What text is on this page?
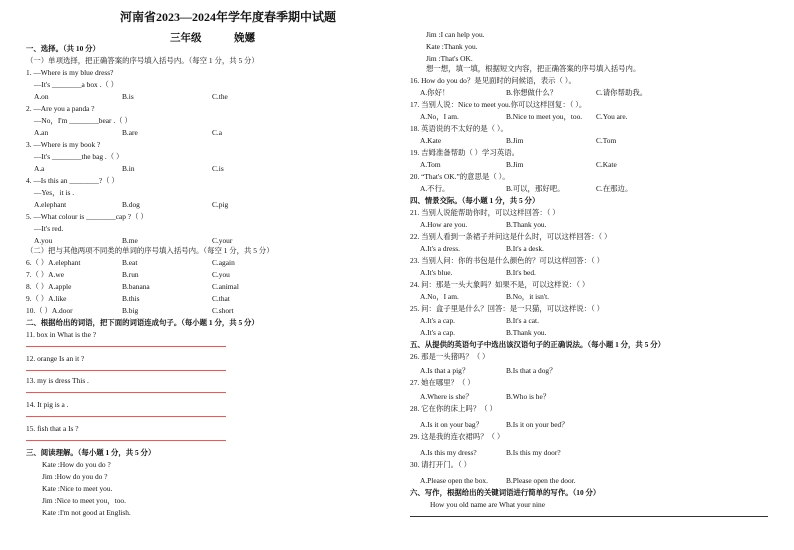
河南省2023—2024年学年度春季期中试题
三年级	娩嬺
一、选择。（共 10 分）
（一）单项选择，把正确答案的序号填入括号内。（每空 1 分，共 5 分）
1. —Where is my blue dress?
—It's ________a box .（ ）
A.on	B.is	C.the
2. —Are you a panda ?
—No，I'm ________bear .（ ）
A.an	B.are	C.a
3. —Where is my book ?
—It's ________the bag .（ ）
A.a	B.in	C.is
4. —Is this an ________?（ ）
—Yes，it is .
A.elephant	B.dog	C.pig
5. —What colour is ________cap ?（ ）
—It's red.
A.you	B.me	C.your
（二）把与其他两项不同类的单词的序号填入括号内。（每空 1 分，共 5 分）
6.（ ）A.elephant	B.eat	C.again
7.（ ）A.we	B.run	C.you
8.（ ）A.apple	B.banana	C.animal
9.（ ）A.like	B.this	C.that
10.（ ）A.door	B.big	C.short
二、根据给出的词语，把下面的词语连成句子。（每小题 1 分，共 5 分）
11. box in What is the ?
12. orange Is an it ?
13. my is dress This .
14. It pig is a .
15. fish that a Is ?
三、阅读理解。（每小题 1 分，共 5 分）
Kate :How do you do ?
Jim :How do you do ?
Kate :Nice to meet you.
Jim :Nice to meet you，too.
Kate :I'm not good at English.
Jim :I can help you.
Kate :Thank you.
Jim :That's OK.
想一想，填一填，根据短文内容，把正确答案的序号填入括号内。
16. How do you do？是见面时的问候语，表示（ ）。
A.你好！	B.你想做什么？	C.请你帮助我。
17. 当别人说：Nice to meet you.你可以这样回复：（ ）。
A.No，I am.	B.Nice to meet you，too. C.You are.
18. 英语说的不太好的是（ ）。
A.Kate	B.Jim	C.Tom
19. 吉姆准备帮助（ ）学习英语。
A.Tom	B.Jim	C.Kate
20. “That's OK.”的意思是（ ）。
A.不行。	B.可以，那好吧。	C.在那边。
四、情景交际。（每小题 1 分，共 5 分）
21. 当别人说能帮助你时，可以这样回答：（ ）
A.How are you.	B.Thank you.
22. 当别人看到一条裙子并问这是什么时，可以这样回答：（ ）
A.It's a dress.	B.It's a desk.
23. 当别人问：你的书包是什么颜色的？可以这样回答：（ ）
A.It's blue.	B.It's bed.
24. 问：那是一头大象吗？如果不是，可以这样说：（ ）
A.No，I am.	B.No，it isn't.
25. 问：盒子里是什么？回答：是一只猫，可以这样说：（ ）
A.It's a cap.	B.It's a cat.
A.It's a cap.	B.Thank you.
五、从提供的英语句子中选出该汉语句子的正确说法。（每小题 1 分，共 5 分）
26. 那是一头猪吗？（ ）
A.Is that a pig？	B.Is that a dog？
27. 她在哪里？（ ）
A.Where is she？	B.Who is he？
28. 它在你的床上吗？（ ）
A.Is it on your bag？	B.Is it on your bed？
29. 这是我的连衣裙吗？（ ）
A.Is this my dress?	B.Is this my door?
30. 请打开门。（ ）
A.Please open the box. B.Please open the door.
六、写作，根据给出的关键词语进行简单的写作。（10 分）
How you old name are What your nine
